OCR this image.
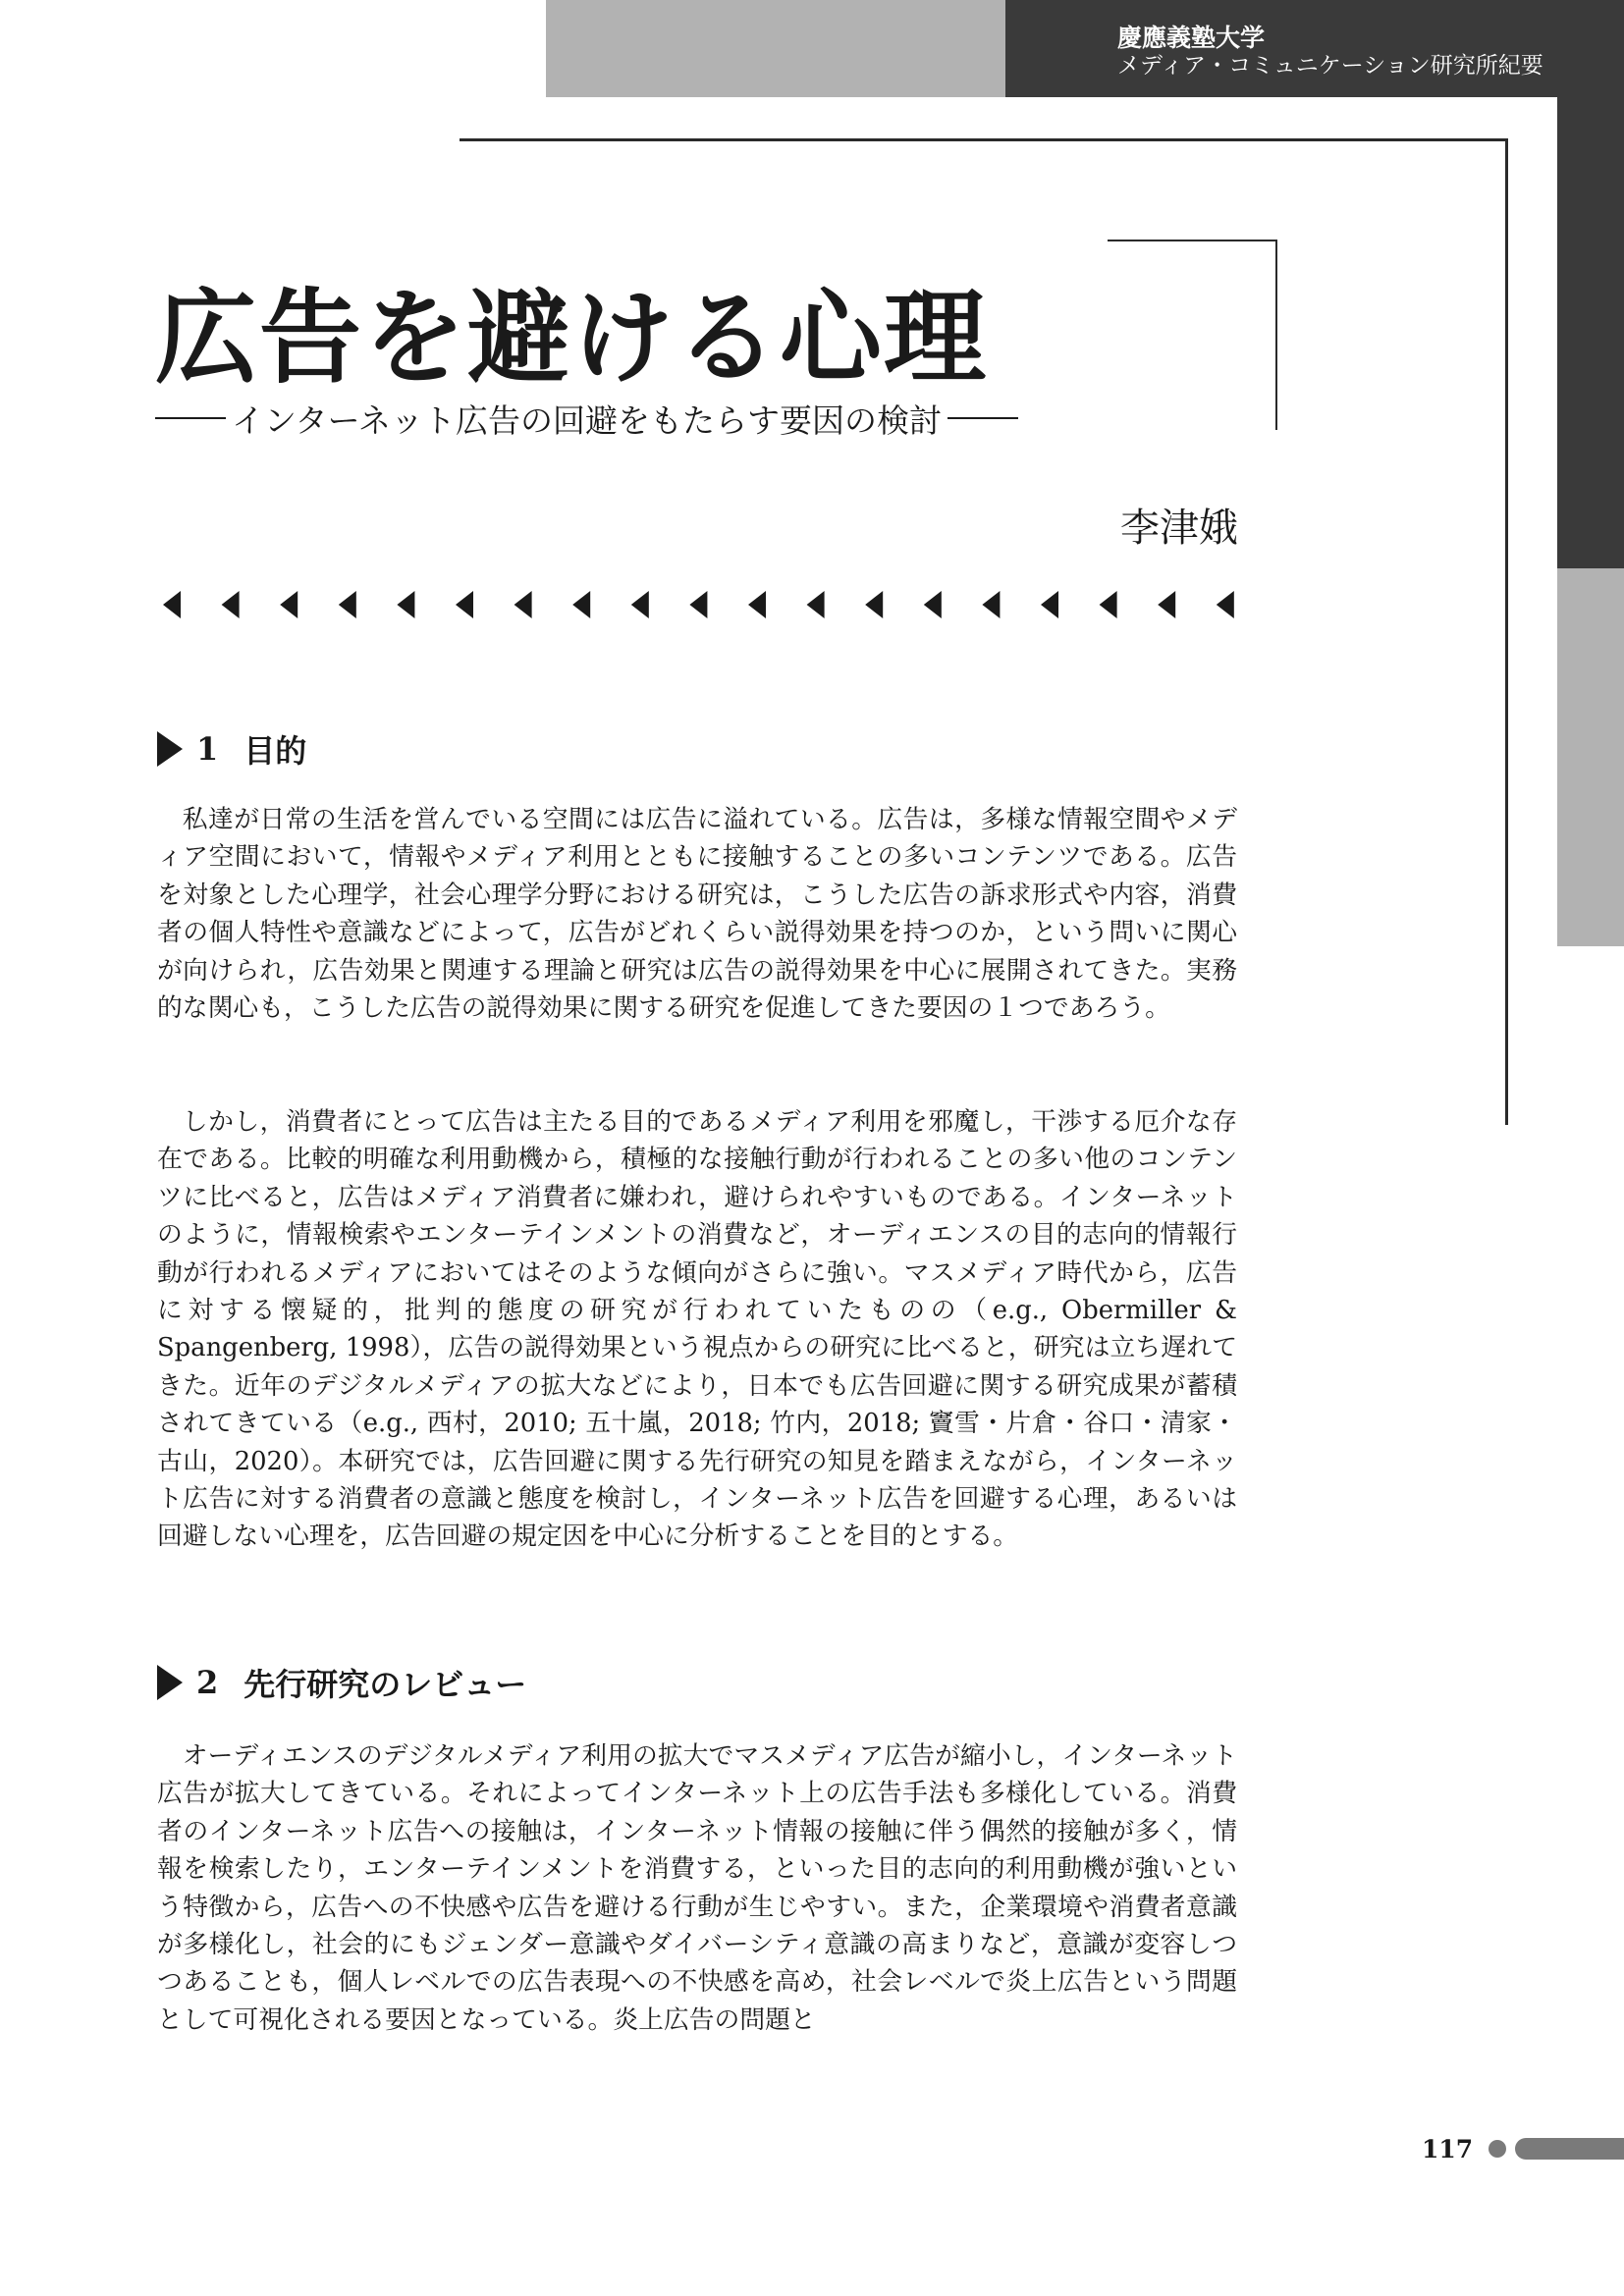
慶應義塾大学
メディア・コミュニケーション研究所紀要
広告を避ける心理
インターネット広告の回避をもたらす要因の検討
李津娥
1 目的
私達が日常の生活を営んでいる空間には広告に溢れている。広告は，多様な情報空間やメディア空間において，情報やメディア利用とともに接触することの多いコンテンツである。広告を対象とした心理学，社会心理学分野における研究は，こうした広告の訴求形式や内容，消費者の個人特性や意識などによって，広告がどれくらい説得効果を持つのか，という問いに関心が向けられ，広告効果と関連する理論と研究は広告の説得効果を中心に展開されてきた。実務的な関心も，こうした広告の説得効果に関する研究を促進してきた要因の１つであろう。
しかし，消費者にとって広告は主たる目的であるメディア利用を邪魔し，干渉する厄介な存在である。比較的明確な利用動機から，積極的な接触行動が行われることの多い他のコンテンツに比べると，広告はメディア消費者に嫌われ，避けられやすいものである。インターネットのように，情報検索やエンターテインメントの消費など，オーディエンスの目的志向的情報行動が行われるメディアにおいてはそのような傾向がさらに強い。マスメディア時代から，広告に対する懐疑的，批判的態度の研究が行われていたものの（e.g., Obermiller & Spangenberg, 1998），広告の説得効果という視点からの研究に比べると，研究は立ち遅れてきた。近年のデジタルメディアの拡大などにより，日本でも広告回避に関する研究成果が蓄積されてきている（e.g., 西村，2010; 五十嵐，2018; 竹内，2018; 竇雪・片倉・谷口・清家・古山，2020）。本研究では，広告回避に関する先行研究の知見を踏まえながら，インターネット広告に対する消費者の意識と態度を検討し，インターネット広告を回避する心理，あるいは回避しない心理を，広告回避の規定因を中心に分析することを目的とする。
2 先行研究のレビュー
オーディエンスのデジタルメディア利用の拡大でマスメディア広告が縮小し，インターネット広告が拡大してきている。それによってインターネット上の広告手法も多様化している。消費者のインターネット広告への接触は，インターネット情報の接触に伴う偶然的接触が多く，情報を検索したり，エンターテインメントを消費する，といった目的志向的利用動機が強いという特徴から，広告への不快感や広告を避ける行動が生じやすい。また，企業環境や消費者意識が多様化し，社会的にもジェンダー意識やダイバーシティ意識の高まりなど，意識が変容しつつあることも，個人レベルでの広告表現への不快感を高め，社会レベルで炎上広告という問題として可視化される要因となっている。炎上広告の問題と
117
